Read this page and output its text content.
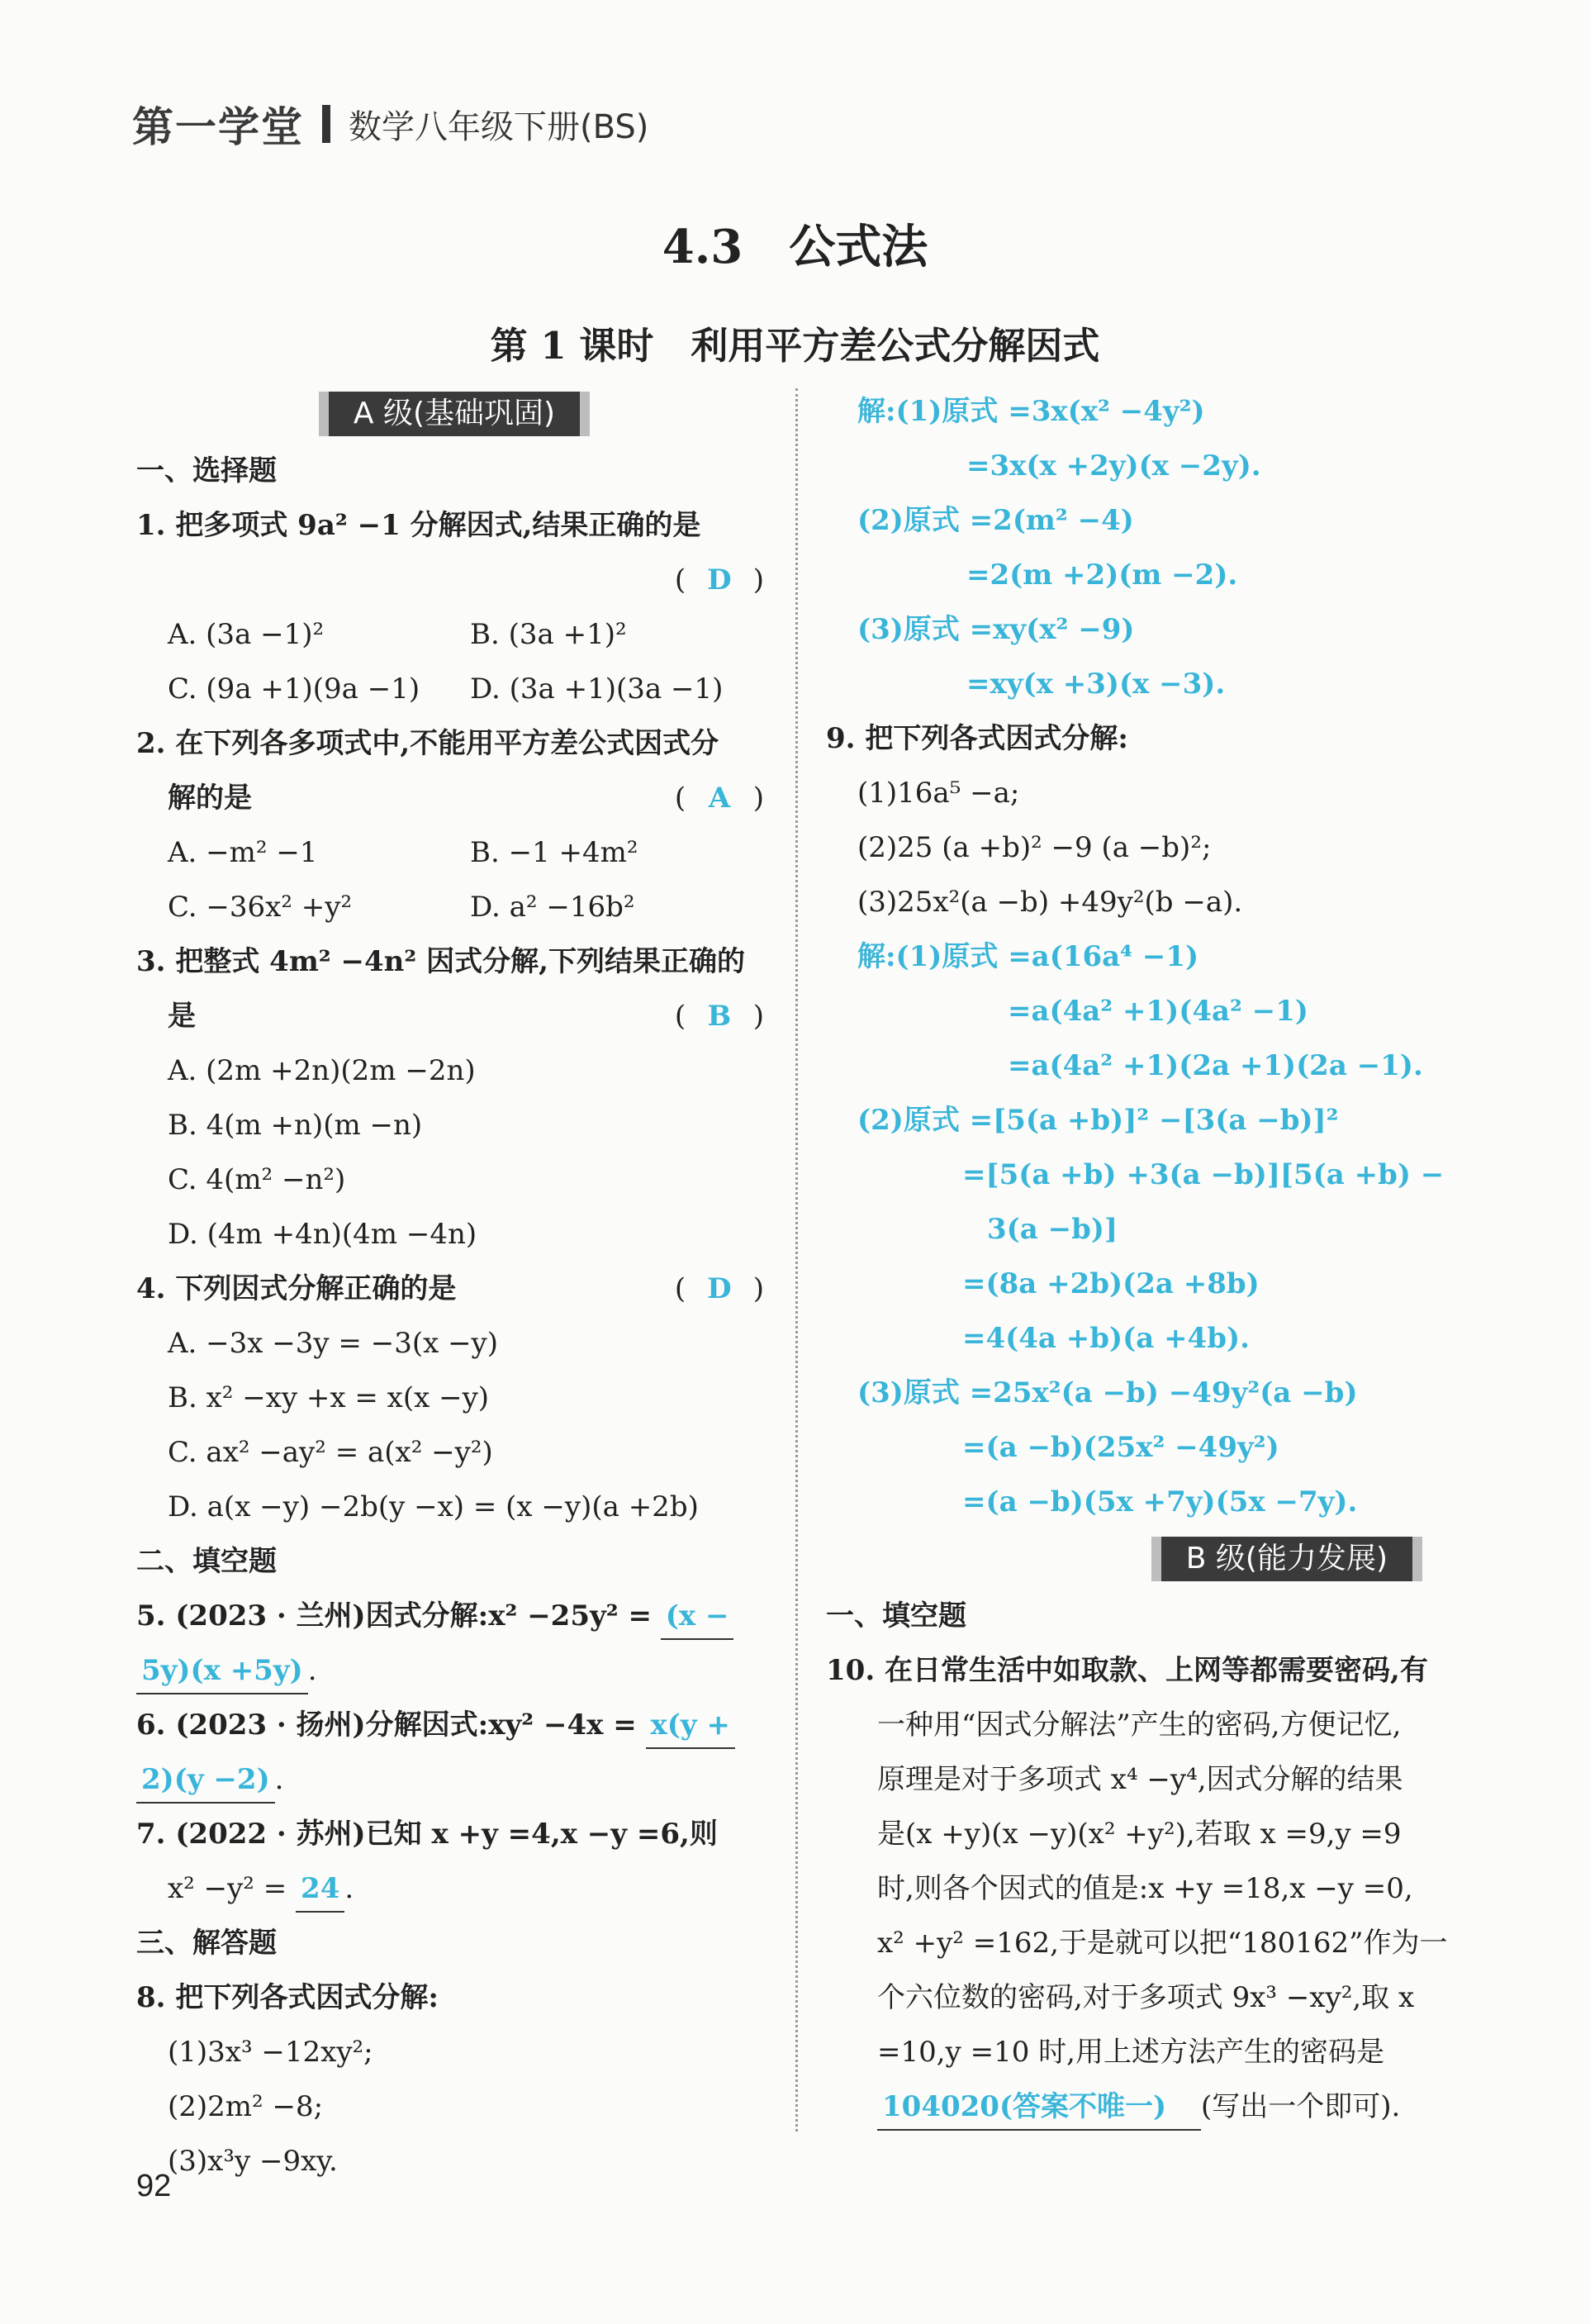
第一学堂 数学八年级下册(BS)
4.3　公式法
第 1 课时　利用平方差公式分解因式
A 级(基础巩固)
一、选择题
1. 把多项式 9a² −1 分解因式,结果正确的是
( D )
A. (3a −1)²	B. (3a +1)²
C. (9a +1)(9a −1)	D. (3a +1)(3a −1)
2. 在下列各多项式中,不能用平方差公式因式分
解的是	( A )
A. −m² −1	B. −1 +4m²
C. −36x² +y²	D. a² −16b²
3. 把整式 4m² −4n² 因式分解,下列结果正确的
是	( B )
A. (2m +2n)(2m −2n)
B. 4(m +n)(m −n)
C. 4(m² −n²)
D. (4m +4n)(4m −4n)
4. 下列因式分解正确的是	( D )
A. −3x −3y = −3(x −y)
B. x² −xy +x = x(x −y)
C. ax² −ay² = a(x² −y²)
D. a(x −y) −2b(y −x) = (x −y)(a +2b)
二、填空题
5. (2023 · 兰州)因式分解:x² −25y² = (x −
5y)(x +5y) .
6. (2023 · 扬州)分解因式:xy² −4x = x(y +
2)(y −2) .
7. (2022 · 苏州)已知 x +y =4,x −y =6,则
x² −y² = 24 .
三、解答题
8. 把下列各式因式分解:
(1)3x³ −12xy²;
(2)2m² −8;
(3)x³y −9xy.
解:(1)原式 =3x(x² −4y²)
=3x(x +2y)(x −2y).
(2)原式 =2(m² −4)
=2(m +2)(m −2).
(3)原式 =xy(x² −9)
=xy(x +3)(x −3).
9. 把下列各式因式分解:
(1)16a⁵ −a;
(2)25 (a +b)² −9 (a −b)²;
(3)25x²(a −b) +49y²(b −a).
解:(1)原式 =a(16a⁴ −1)
=a(4a² +1)(4a² −1)
=a(4a² +1)(2a +1)(2a −1).
(2)原式 =[5(a +b)]² −[3(a −b)]²
=[5(a +b) +3(a −b)][5(a +b) −
3(a −b)]
=(8a +2b)(2a +8b)
=4(4a +b)(a +4b).
(3)原式 =25x²(a −b) −49y²(a −b)
=(a −b)(25x² −49y²)
=(a −b)(5x +7y)(5x −7y).
B 级(能力发展)
一、填空题
10. 在日常生活中如取款、上网等都需要密码,有
一种用“因式分解法”产生的密码,方便记忆,
原理是对于多项式 x⁴ −y⁴,因式分解的结果
是(x +y)(x −y)(x² +y²),若取 x =9,y =9
时,则各个因式的值是:x +y =18,x −y =0,
x² +y² =162,于是就可以把“180162”作为一
个六位数的密码,对于多项式 9x³ −xy²,取 x
=10,y =10 时,用上述方法产生的密码是
104020(答案不唯一) (写出一个即可).
92
